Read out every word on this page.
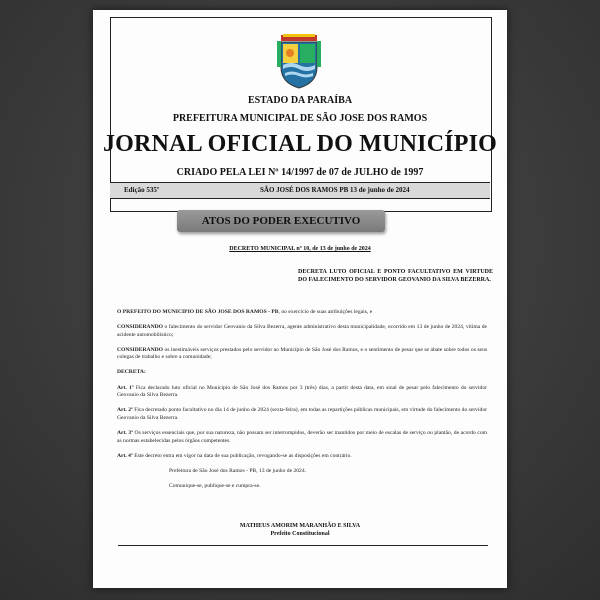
ESTADO DA PARAÍBA
PREFEITURA MUNICIPAL DE SÃO JOSE DOS RAMOS
JORNAL OFICIAL DO MUNICÍPIO
CRIADO PELA LEI Nº 14/1997 de 07 de JULHO de 1997
Edição 535º	SÃO JOSÉ DOS RAMOS PB 13 de junho de 2024
ATOS DO PODER EXECUTIVO
DECRETO MUNICIPAL nº 10, de 13 de junho de 2024
DECRETA LUTO OFICIAL E PONTO FACULTATIVO EM VIRTUDE DO FALECIMENTO DO SERVIDOR GEOVANIO DA SILVA BEZERRA.

O PREFEITO DO MUNICIPIO DE SÃO JOSE DOS RAMOS - PB, no exercício de suas atribuições legais, e

CONSIDERANDO o falecimento do servidor Geovanio da Silva Bezerra, agente administrativo desta municipalidade, ocorrido em 13 de junho de 2024, vítima de acidente automobilístico;

CONSIDERANDO os inestimáveis serviços prestados pelo servidor ao Município de São José dos Ramos, e o sentimento de pesar que se abate sobre todos os seus colegas de trabalho e sobre a comunidade;

DECRETA:

Art. 1º Fica declarado luto oficial no Município de São José dos Ramos por 3 (três) dias, a partir desta data, em sinal de pesar pelo falecimento do servidor Geovanio da Silva Bezerra.

Art. 2º Fica decretado ponto facultativo no dia 14 de junho de 2024 (sexta-feira), em todas as repartições públicas municipais, em virtude do falecimento do servidor Geovanio da Silva Bezerra.

Art. 3º Os serviços essenciais que, por sua natureza, não possam ser interrompidos, deverão ser mantidos por meio de escalas de serviço ou plantão, de acordo com as normas estabelecidas pelos órgãos competentes.

Art. 4º Este decreto entra em vigor na data de sua publicação, revogando-se as disposições em contrário.

Prefeitura de São José dos Ramos - PB, 13 de junho de 2024.

Comunique-se, publique-se e cumpra-se.

MATHEUS AMORIM MARANHÃO E SILVA
Prefeito Constitucional
